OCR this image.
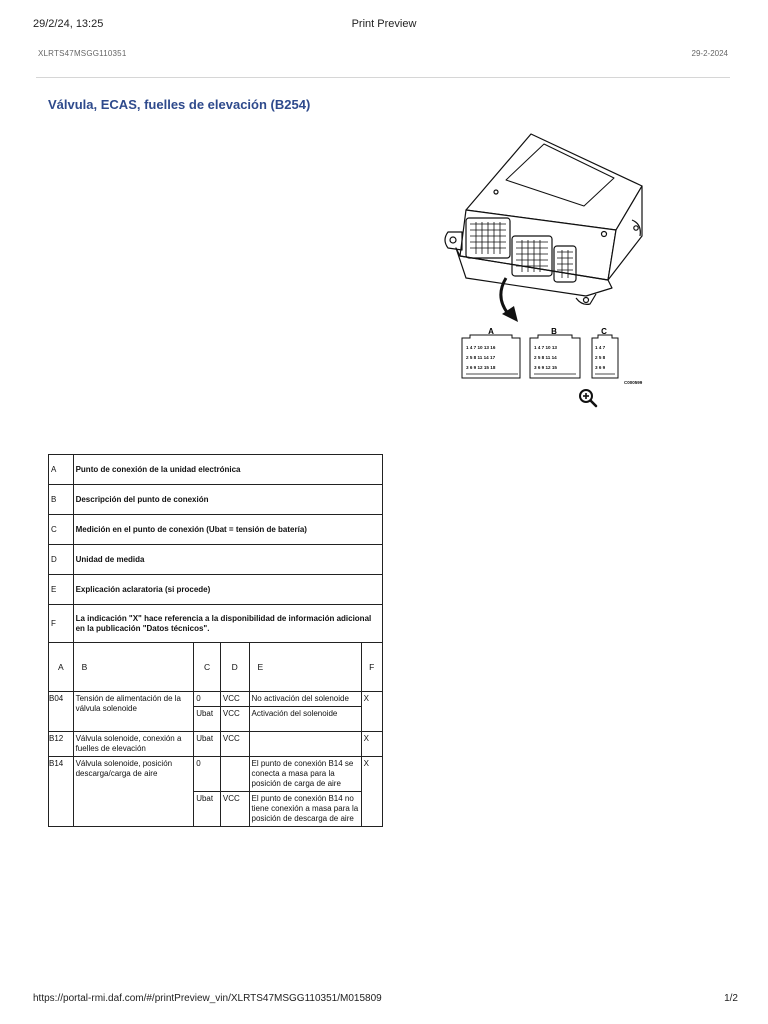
29/2/24, 13:25	Print Preview
XLRTS47MSGG110351	29-2-2024
Válvula, ECAS, fuelles de elevación (B254)
A	B	C
1 4 7 10 13 16
2 5 8 11 14 17
3 6 9 12 15 18
1 4 7 10 13
2 5 8 11 14
3 6 9 12 15
1 4 7
2 5 8
3 6 9
C000599
A	Punto de conexión de la unidad electrónica				
B	Descripción del punto de conexión				
C	Medición en el punto de conexión (Ubat = tensión de batería)				
D	Unidad de medida				
E	Explicación aclaratoria (si procede)				
F	La indicación "X" hace referencia a la disponibilidad de información adicional en la publicación "Datos técnicos".				
A	B	C	D	E	F
B04	Tensión de alimentación de la válvula solenoide	0	VCC	No activación del solenoide	X
		Ubat	VCC	Activación del solenoide	
B12	Válvula solenoide, conexión a fuelles de elevación	Ubat	VCC		X
B14	Válvula solenoide, posición descarga/carga de aire	0		El punto de conexión B14 se conecta a masa para la posición de carga de aire	X
		Ubat	VCC	El punto de conexión B14 no tiene conexión a masa para la posición de descarga de aire	
https://portal-rmi.daf.com/#/printPreview_vin/XLRTS47MSGG110351/M015809	1/2
